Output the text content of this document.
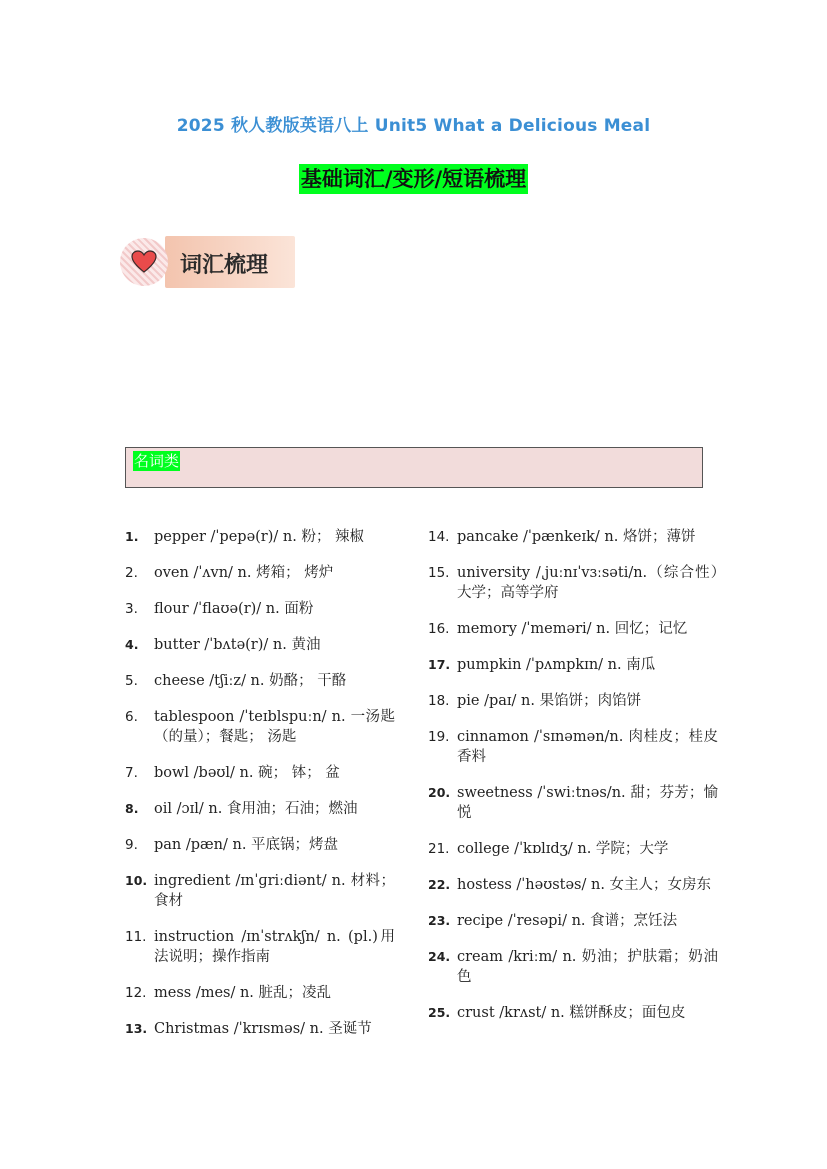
2025 秋人教版英语八上 Unit5 What a Delicious Meal
基础词汇/变形/短语梳理
词汇梳理
名词类
1. pepper /ˈpepə(r)/ n. 粉； 辣椒
2. oven /ˈʌvn/ n. 烤箱； 烤炉
3. flour /ˈflaʊə(r)/ n. 面粉
4. butter /ˈbʌtə(r)/ n. 黄油
5. cheese /tʃiːz/ n. 奶酪； 干酪
6. tablespoon /ˈteɪblspuːn/ n. 一汤匙（的量）；餐匙； 汤匙
7. bowl /bəʊl/ n. 碗； 钵； 盆
8. oil /ɔɪl/ n. 食用油；石油；燃油
9. pan /pæn/ n. 平底锅；烤盘
10. ingredient /ɪnˈɡriːdiənt/ n. 材料；食材
11. instruction /ɪnˈstrʌkʃn/ n. (pl.)用法说明；操作指南
12. mess /mes/ n. 脏乱；凌乱
13. Christmas /ˈkrɪsməs/ n. 圣诞节
14. pancake /ˈpænkeɪk/ n. 烙饼；薄饼
15. university /ˌjuːnɪˈvɜːsəti/n.（综合性）大学；高等学府
16. memory /ˈmeməri/ n. 回忆；记忆
17. pumpkin /ˈpʌmpkɪn/ n. 南瓜
18. pie /paɪ/ n. 果馅饼；肉馅饼
19. cinnamon /ˈsɪnəmən/n. 肉桂皮；桂皮香料
20. sweetness /ˈswiːtnəs/n. 甜；芬芳；愉悦
21. college /ˈkɒlɪdʒ/ n. 学院；大学
22. hostess /ˈhəʊstəs/ n. 女主人；女房东
23. recipe /ˈresəpi/ n. 食谱；烹饪法
24. cream /kriːm/ n. 奶油；护肤霜；奶油色
25. crust /krʌst/ n. 糕饼酥皮；面包皮
